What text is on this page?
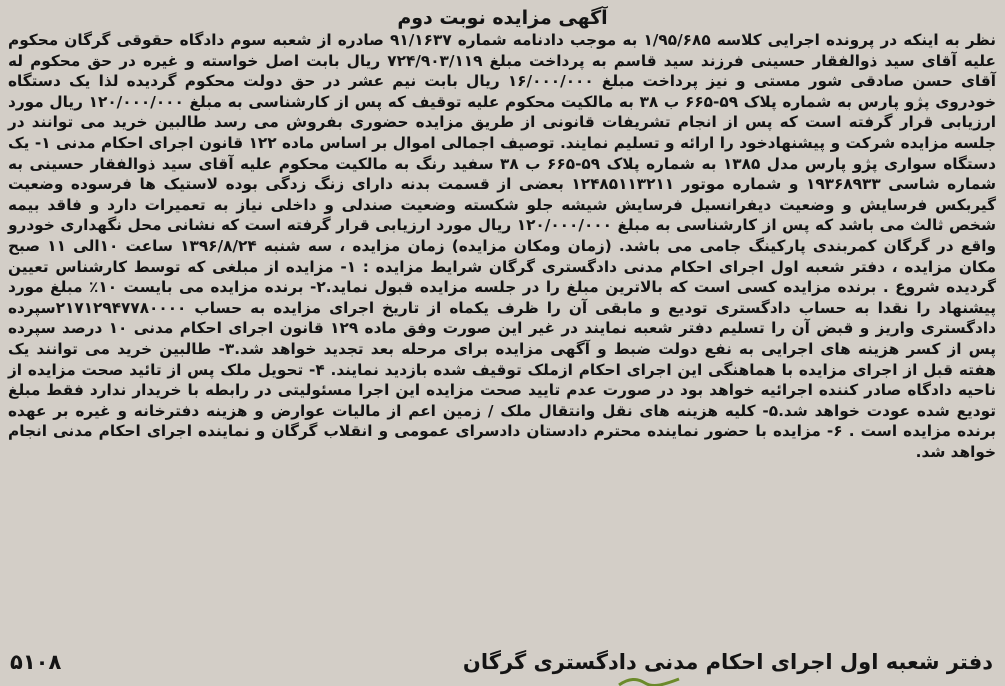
آگهی مزایده نوبت دوم

نظر به اینکه در پرونده اجرایی کلاسه ۱/۹۵/۶۸۵ به موجب دادنامه شماره ۹۱/۱۶۳۷ صادره از شعبه سوم دادگاه حقوقی گرگان محکوم علیه آقای سید ذوالفقار حسینی فرزند سید قاسم به پرداخت مبلغ ۷۲۴/۹۰۳/۱۱۹ ریال بابت اصل خواسته و غیره در حق محکوم له آقای حسن صادقی شور مستی و نیز پرداخت مبلغ ۱۶/۰۰۰/۰۰۰ ریال بابت نیم عشر در حق دولت محکوم گردیده لذا یک دستگاه خودروی پژو پارس به شماره پلاک ۵۹-۶۶۵ ب ۳۸ به مالکیت محکوم علیه توقیف که پس از کارشناسی به مبلغ ۱۲۰/۰۰۰/۰۰۰ ریال مورد ارزیابی قرار گرفته است که پس از انجام تشریفات قانونی از طریق مزایده حضوری بفروش می رسد طالبین خرید می توانند در جلسه مزایده شرکت و پیشنهادخود را ارائه و تسلیم نمایند. توصیف اجمالی اموال بر اساس ماده ۱۲۲ قانون اجرای احکام مدنی ۱- یک دستگاه سواری پژو پارس مدل ۱۳۸۵ به شماره پلاک ۵۹-۶۶۵ ب ۳۸ سفید رنگ به مالکیت محکوم علیه آقای سید ذوالفقار حسینی به شماره شاسی ۱۹۳۶۸۹۳۳ و شماره موتور ۱۲۴۸۵۱۱۳۲۱۱ بعضی از قسمت بدنه دارای زنگ زدگی بوده لاستیک ها فرسوده وضعیت گیربکس فرسایش و وضعیت دیفرانسیل فرسایش شیشه جلو شکسته وضعیت صندلی و داخلی نیاز به تعمیرات دارد و فاقد بیمه شخص ثالث می باشد که پس از کارشناسی به مبلغ ۱۲۰/۰۰۰/۰۰۰ ریال مورد ارزیابی قرار گرفته است که نشانی محل نگهداری خودرو واقع در گرگان کمربندی پارکینگ جامی می باشد. (زمان ومکان مزایده) زمان مزایده ، سه شنبه ۱۳۹۶/۸/۲۴ ساعت ۱۰الی ۱۱ صبح مکان مزایده ، دفتر شعبه اول اجرای احکام مدنی دادگستری گرگان شرایط مزایده : ۱- مزایده از مبلغی که توسط کارشناس تعیین گردیده شروع . برنده مزایده کسی است که بالاترین مبلغ را در جلسه مزایده قبول نماید.۲- برنده مزایده می بایست ۱۰٪ مبلغ مورد پیشنهاد را نقدا به حساب دادگستری تودیع و مابقی آن را ظرف یکماه از تاریخ اجرای مزایده به حساب ۲۱۷۱۲۹۴۷۷۸۰۰۰۰سپرده دادگستری واریز و قبض آن را تسلیم دفتر شعبه نمایند در غیر این صورت وفق ماده ۱۲۹ قانون اجرای احکام مدنی ۱۰ درصد سپرده پس از کسر هزینه های اجرایی به نفع دولت ضبط و آگهی مزایده برای مرحله بعد تجدید خواهد شد.۳- طالبین خرید می توانند یک هفته قبل از اجرای مزایده با هماهنگی این اجرای احکام ازملک توقیف شده بازدید نمایند. ۴- تحویل ملک پس از تائید صحت مزایده از ناحیه دادگاه صادر کننده اجرائیه خواهد بود در صورت عدم تایید صحت مزایده این اجرا مسئولیتی در رابطه با خریدار ندارد فقط مبلغ تودیع شده عودت خواهد شد.۵- کلیه هزینه های نقل وانتقال ملک / زمین اعم از مالیات عوارض و هزینه دفترخانه و غیره بر عهده برنده مزایده است . ۶- مزایده با حضور نماینده محترم دادستان دادسرای عمومی و انقلاب گرگان و نماینده اجرای احکام مدنی انجام خواهد شد.

دفتر شعبه اول اجرای احکام مدنی دادگستری گرگان
۵۱۰۸
